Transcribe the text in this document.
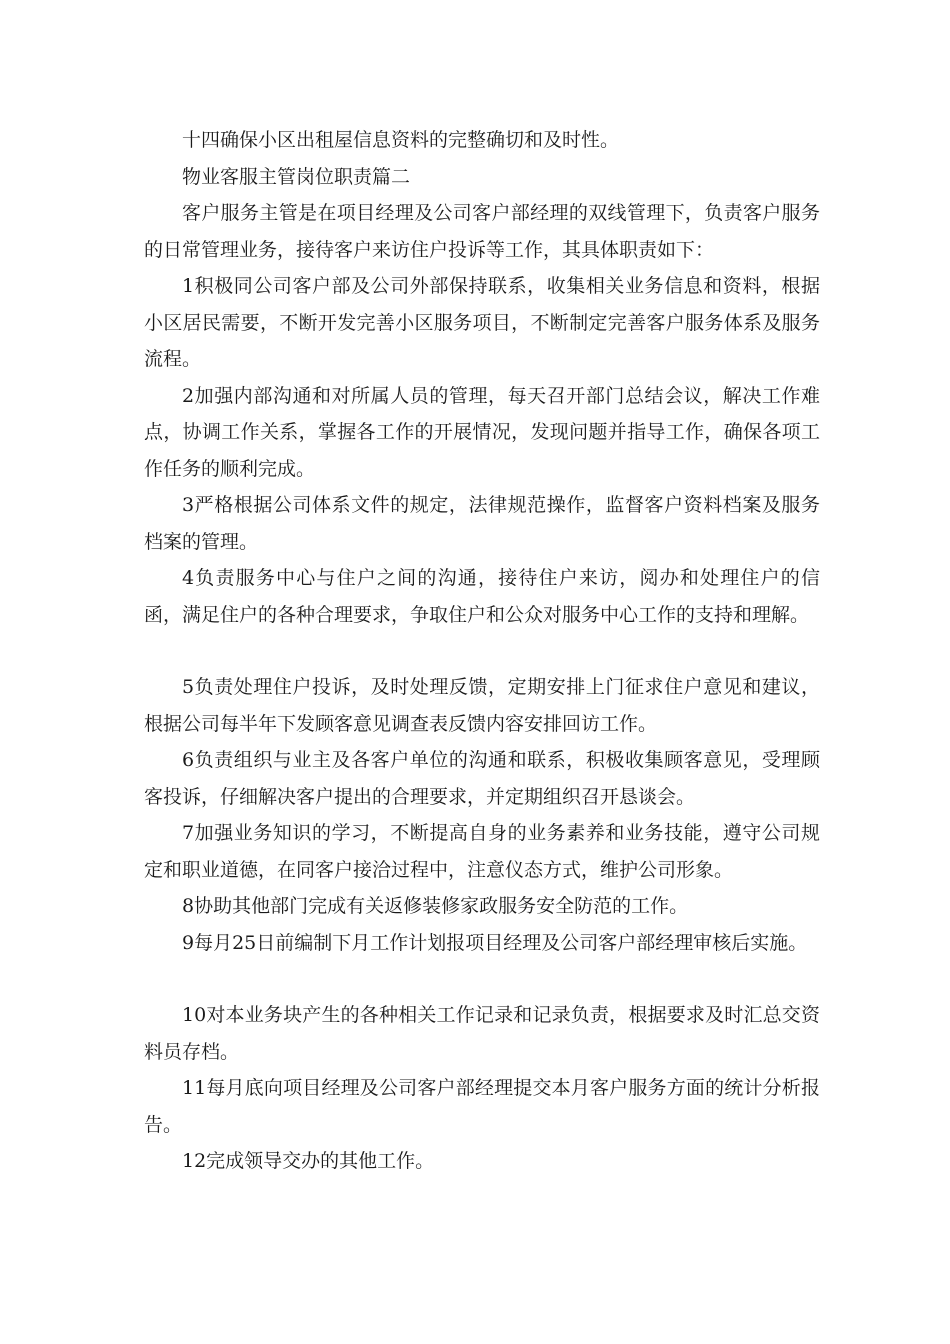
十四确保小区出租屋信息资料的完整确切和及时性。

物业客服主管岗位职责篇二

客户服务主管是在项目经理及公司客户部经理的双线管理下，负责客户服务的日常管理业务，接待客户来访住户投诉等工作，其具体职责如下：

1积极同公司客户部及公司外部保持联系，收集相关业务信息和资料，根据小区居民需要，不断开发完善小区服务项目，不断制定完善客户服务体系及服务流程。

2加强内部沟通和对所属人员的管理，每天召开部门总结会议，解决工作难点，协调工作关系，掌握各工作的开展情况，发现问题并指导工作，确保各项工作任务的顺利完成。

3严格根据公司体系文件的规定，法律规范操作，监督客户资料档案及服务档案的管理。

4负责服务中心与住户之间的沟通，接待住户来访，阅办和处理住户的信函，满足住户的各种合理要求，争取住户和公众对服务中心工作的支持和理解。

5负责处理住户投诉，及时处理反馈，定期安排上门征求住户意见和建议，根据公司每半年下发顾客意见调查表反馈内容安排回访工作。

6负责组织与业主及各客户单位的沟通和联系，积极收集顾客意见，受理顾客投诉，仔细解决客户提出的合理要求，并定期组织召开恳谈会。

7加强业务知识的学习，不断提高自身的业务素养和业务技能，遵守公司规定和职业道德，在同客户接洽过程中，注意仪态方式，维护公司形象。

8协助其他部门完成有关返修装修家政服务安全防范的工作。

9每月25日前编制下月工作计划报项目经理及公司客户部经理审核后实施。

10对本业务块产生的各种相关工作记录和记录负责，根据要求及时汇总交资料员存档。

11每月底向项目经理及公司客户部经理提交本月客户服务方面的统计分析报告。

12完成领导交办的其他工作。
